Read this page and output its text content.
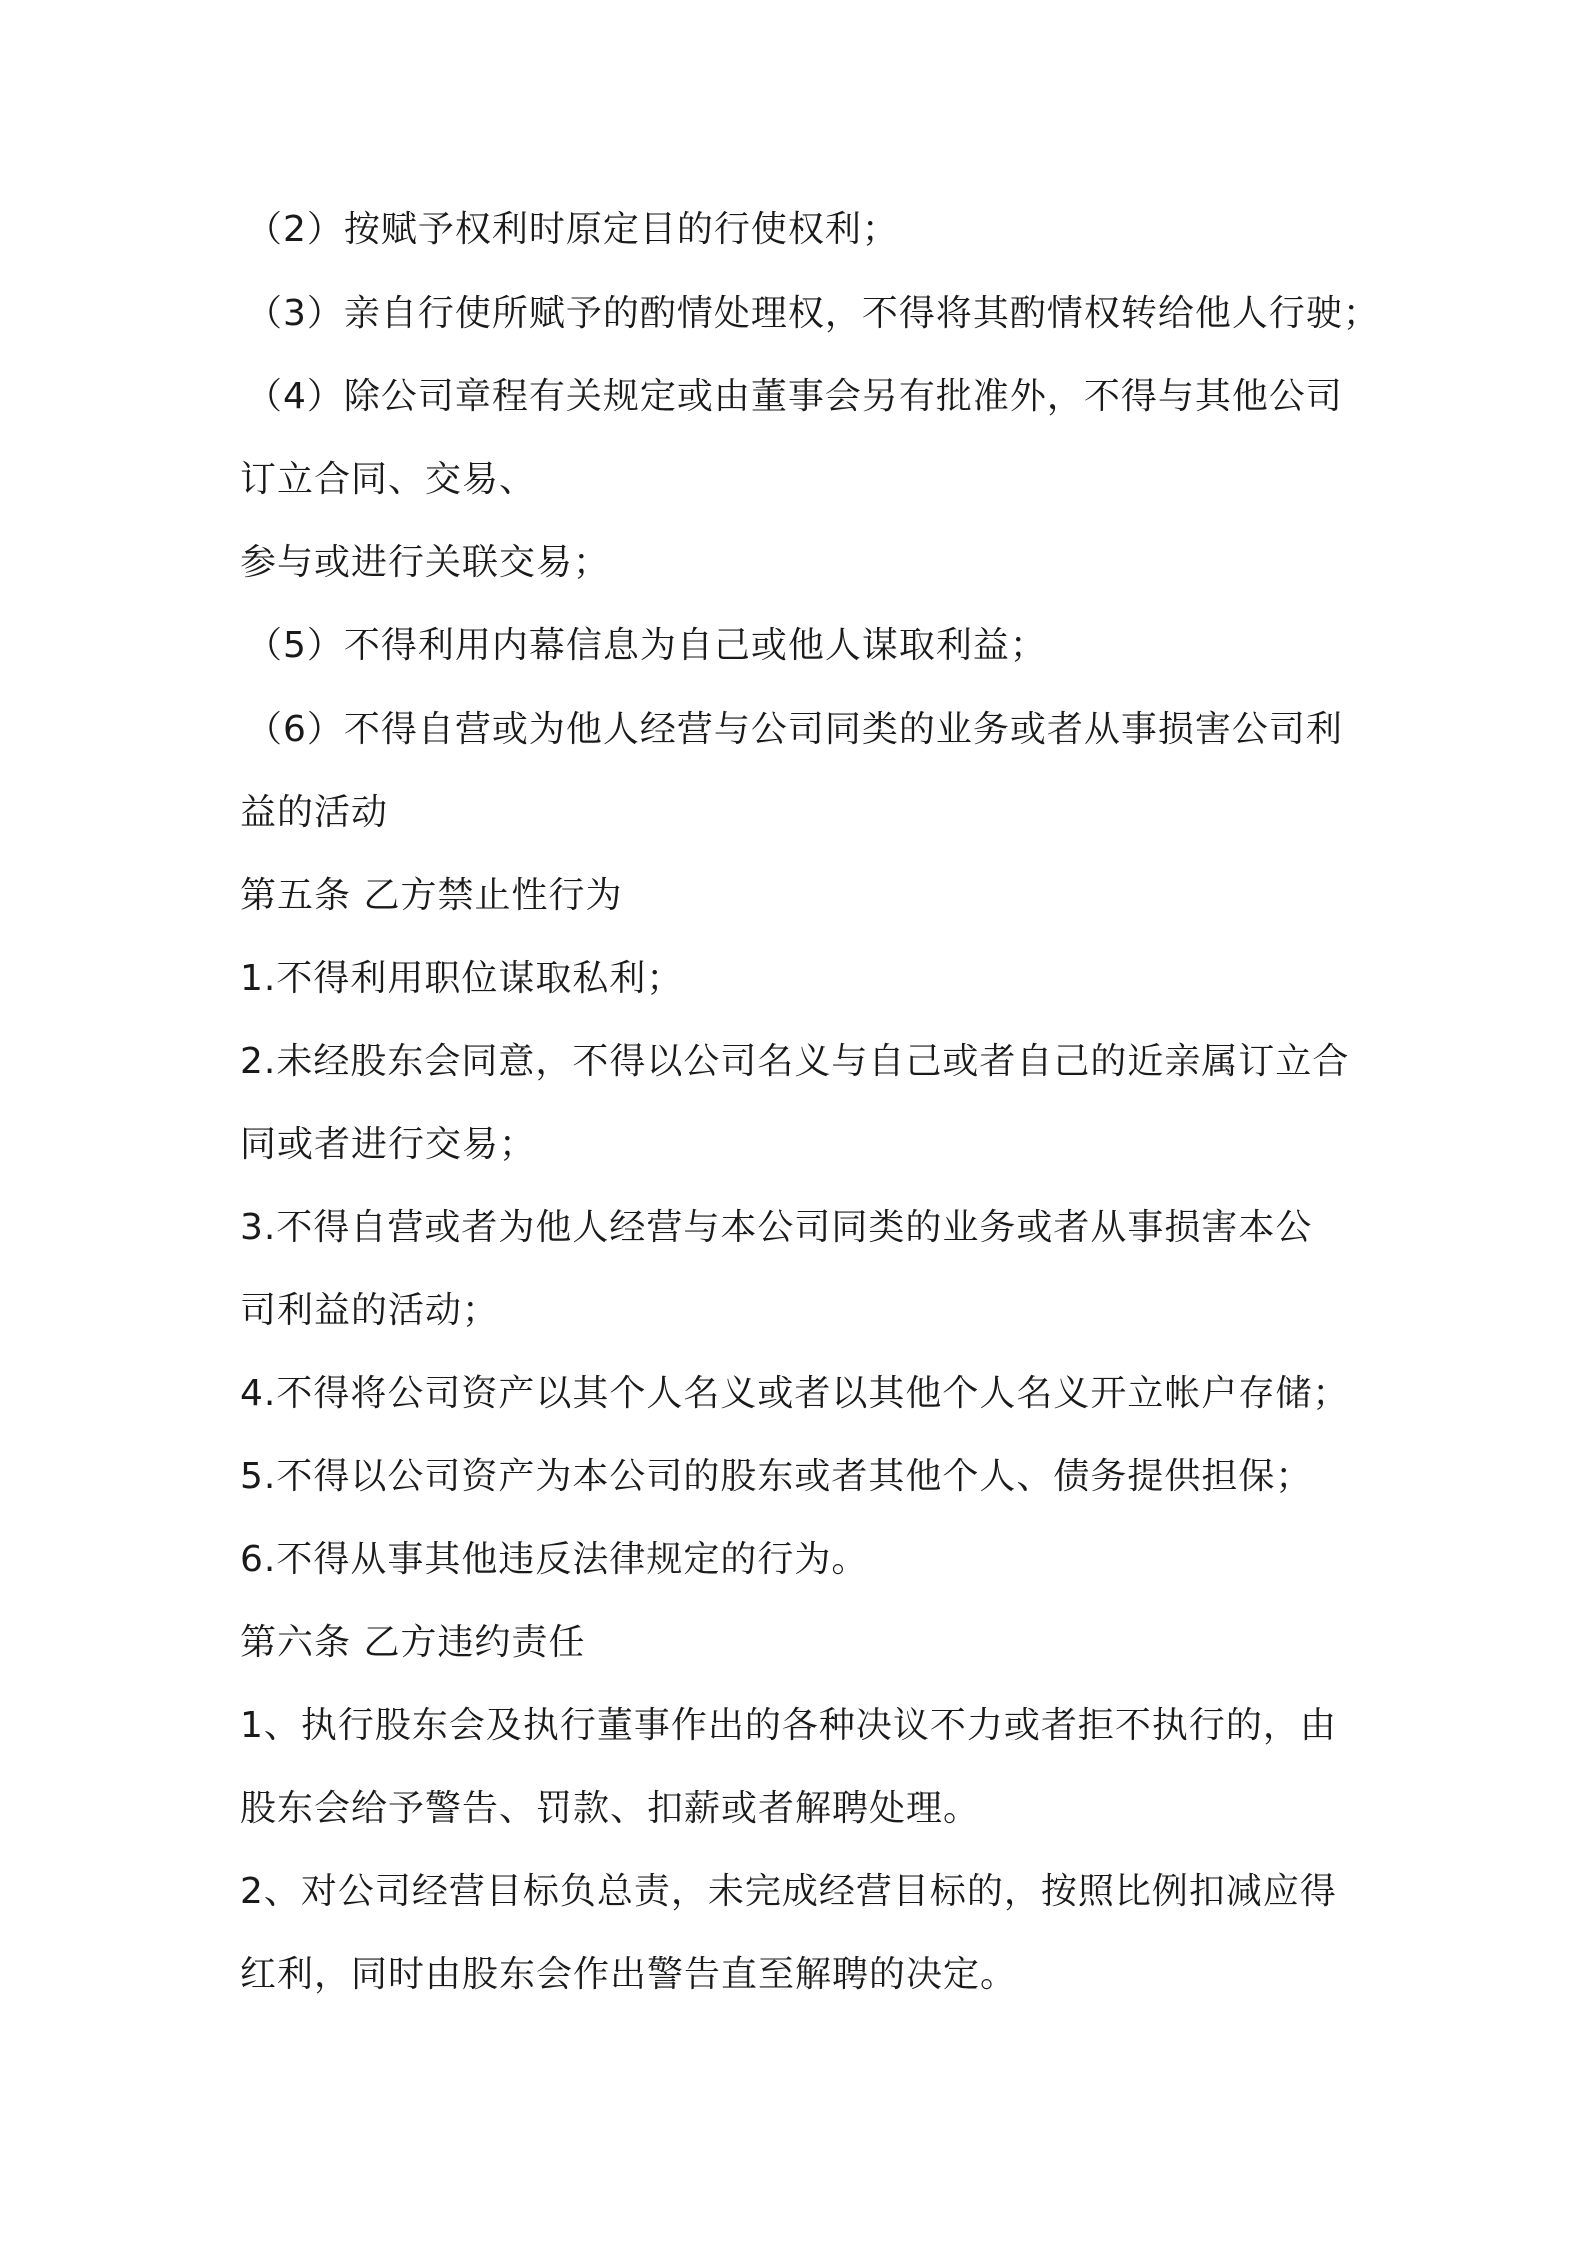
（2）按赋予权利时原定目的行使权利；

（3）亲自行使所赋予的酌情处理权，不得将其酌情权转给他人行驶；

（4）除公司章程有关规定或由董事会另有批准外，不得与其他公司

订立合同、交易、

参与或进行关联交易；

（5）不得利用内幕信息为自己或他人谋取利益；

（6）不得自营或为他人经营与公司同类的业务或者从事损害公司利

益的活动

第五条 乙方禁止性行为

1.不得利用职位谋取私利；

2.未经股东会同意，不得以公司名义与自己或者自己的近亲属订立合

同或者进行交易；

3.不得自营或者为他人经营与本公司同类的业务或者从事损害本公

司利益的活动；

4.不得将公司资产以其个人名义或者以其他个人名义开立帐户存储；

5.不得以公司资产为本公司的股东或者其他个人、债务提供担保；

6.不得从事其他违反法律规定的行为。

第六条 乙方违约责任

1、执行股东会及执行董事作出的各种决议不力或者拒不执行的，由

股东会给予警告、罚款、扣薪或者解聘处理。

2、对公司经营目标负总责，未完成经营目标的，按照比例扣减应得

红利，同时由股东会作出警告直至解聘的决定。
